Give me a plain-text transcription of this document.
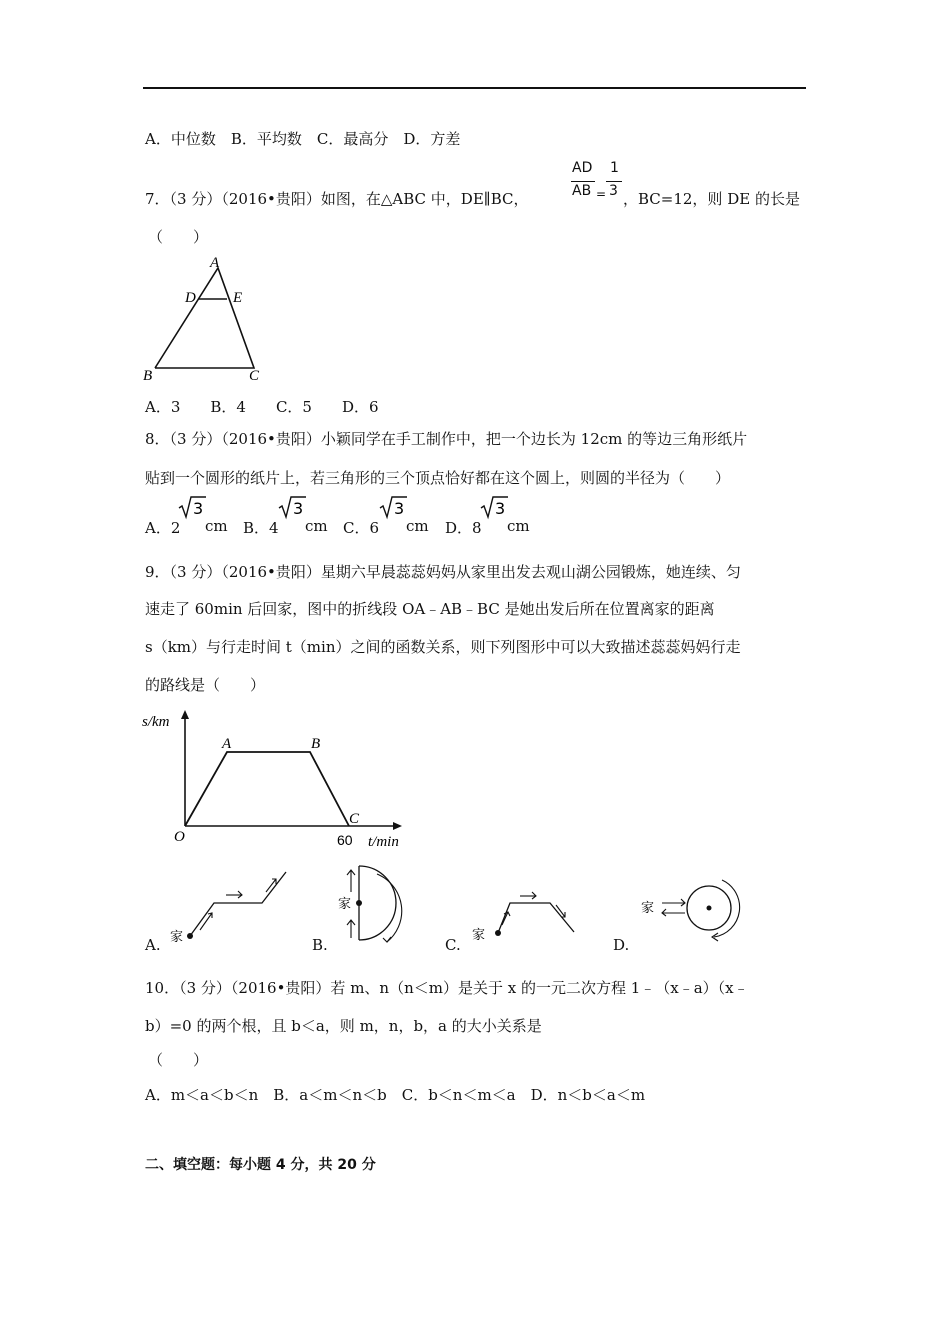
A．中位数　B．平均数　C．最高分　D．方差
7．（3 分）（2016•贵阳）如图，在△ABC 中，DE∥BC，
AD
AB =
1
3 ，BC=12，则 DE 的长是
（　　）
A
D E
B	C
A．3　　B．4　　C．5　　D．6
8．（3 分）（2016•贵阳）小颖同学在手工制作中，把一个边长为 12cm 的等边三角形纸片
贴到一个圆形的纸片上，若三角形的三个顶点恰好都在这个圆上，则圆的半径为（　　）
A．2
3
cm B．4
3
cm C．6
3
cm D．8
3
cm
9．（3 分）（2016•贵阳）星期六早晨蕊蕊妈妈从家里出发去观山湖公园锻炼，她连续、匀
速走了 60min 后回家，图中的折线段 OA﹣AB﹣BC 是她出发后所在位置离家的距离
s（km）与行走时间 t（min）之间的函数关系，则下列图形中可以大致描述蕊蕊妈妈行走
的路线是（　　）
s/km
t/min
O
A	B
C
60
A. 家	B.
家
C.
家
D.
家
10．（3 分）（2016•贵阳）若 m、n（n＜m）是关于 x 的一元二次方程 1﹣（x﹣a）（x﹣
b）=0 的两个根，且 b＜a，则 m，n，b，a 的大小关系是
（　　）
A．m＜a＜b＜n　B．a＜m＜n＜b　C．b＜n＜m＜a　D．n＜b＜a＜m
二、填空题：每小题 4 分，共 20 分
